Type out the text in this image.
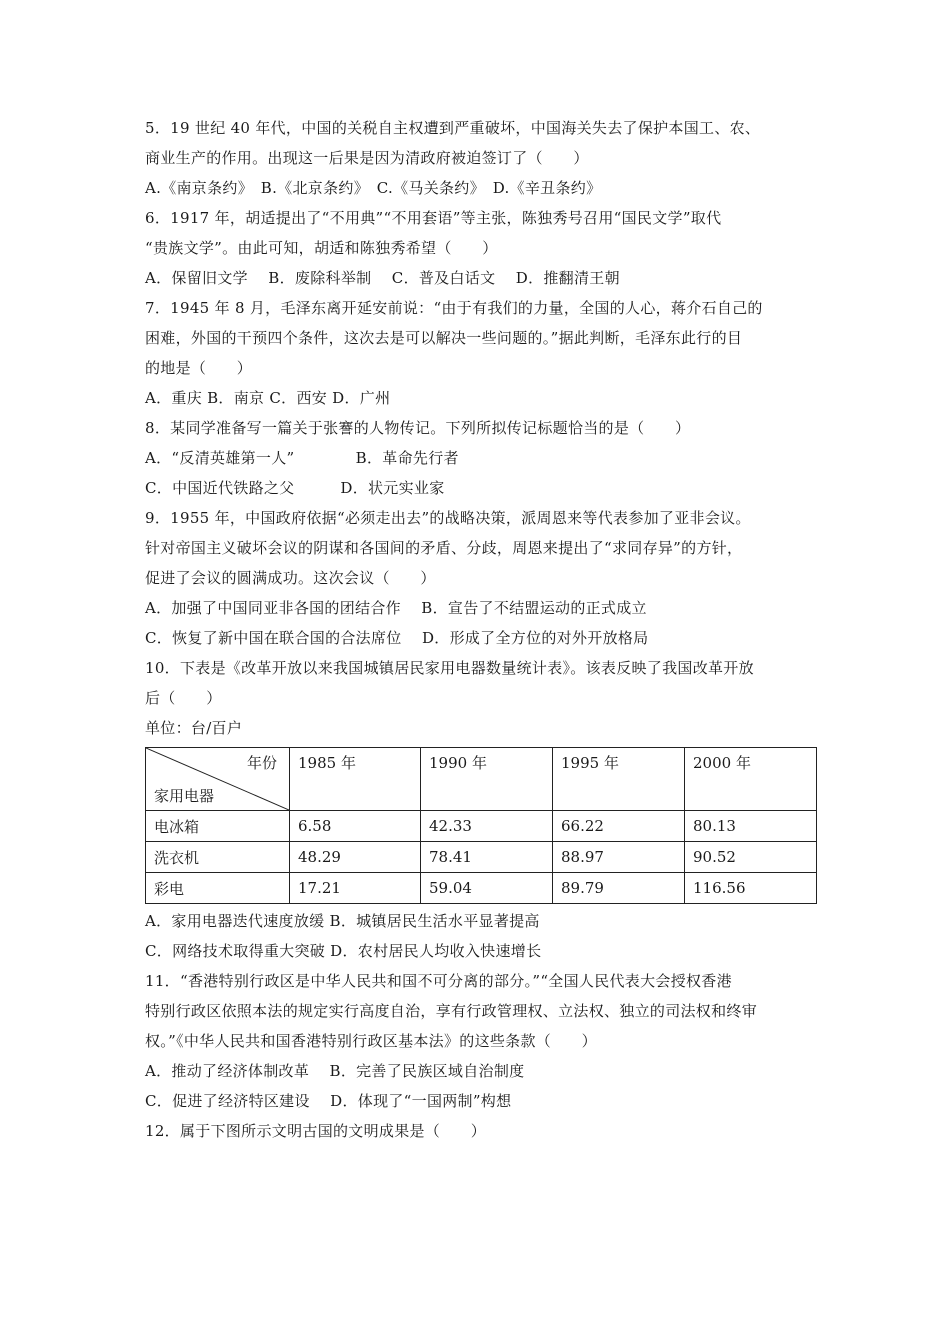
5．19 世纪 40 年代，中国的关税自主权遭到严重破坏，中国海关失去了保护本国工、农、
商业生产的作用。出现这一后果是因为清政府被迫签订了（　　）
A.《南京条约》　B.《北京条约》　C.《马关条约》　D.《辛丑条约》
6．1917 年，胡适提出了“不用典”“不用套语”等主张，陈独秀号召用“国民文学”取代
“贵族文学”。由此可知，胡适和陈独秀希望（　　）
A．保留旧文学　 B．废除科举制　 C．普及白话文　 D．推翻清王朝
7．1945 年 8 月，毛泽东离开延安前说：“由于有我们的力量，全国的人心，蒋介石自己的
困难，外国的干预四个条件，这次去是可以解决一些问题的。”据此判断，毛泽东此行的目
的地是（　　）
A．重庆 B．南京 C．西安 D．广州
8．某同学准备写一篇关于张謇的人物传记。下列所拟传记标题恰当的是（　　）
A．“反清英雄第一人”　　　　B．革命先行者
C．中国近代铁路之父　　　D．状元实业家
9．1955 年，中国政府依据“必须走出去”的战略决策，派周恩来等代表参加了亚非会议。
针对帝国主义破坏会议的阴谋和各国间的矛盾、分歧，周恩来提出了“求同存异”的方针，
促进了会议的圆满成功。这次会议（　　）
A．加强了中国同亚非各国的团结合作　 B．宣告了不结盟运动的正式成立
C．恢复了新中国在联合国的合法席位　 D．形成了全方位的对外开放格局
10．下表是《改革开放以来我国城镇居民家用电器数量统计表》。该表反映了我国改革开放
后（　　）
单位：台/百户
年份
家用电器	1985 年	1990 年	1995 年	2000 年
电冰箱	6.58	42.33	66.22	80.13
洗衣机	48.29	78.41	88.97	90.52
彩电	17.21	59.04	89.79	116.56
A．家用电器迭代速度放缓 B．城镇居民生活水平显著提高
C．网络技术取得重大突破 D．农村居民人均收入快速增长
11．“香港特别行政区是中华人民共和国不可分离的部分。”“全国人民代表大会授权香港
特别行政区依照本法的规定实行高度自治，享有行政管理权、立法权、独立的司法权和终审
权。”《中华人民共和国香港特别行政区基本法》的这些条款（　　）
A．推动了经济体制改革　 B．完善了民族区域自治制度
C．促进了经济特区建设　 D．体现了“一国两制”构想
12．属于下图所示文明古国的文明成果是（　　）
